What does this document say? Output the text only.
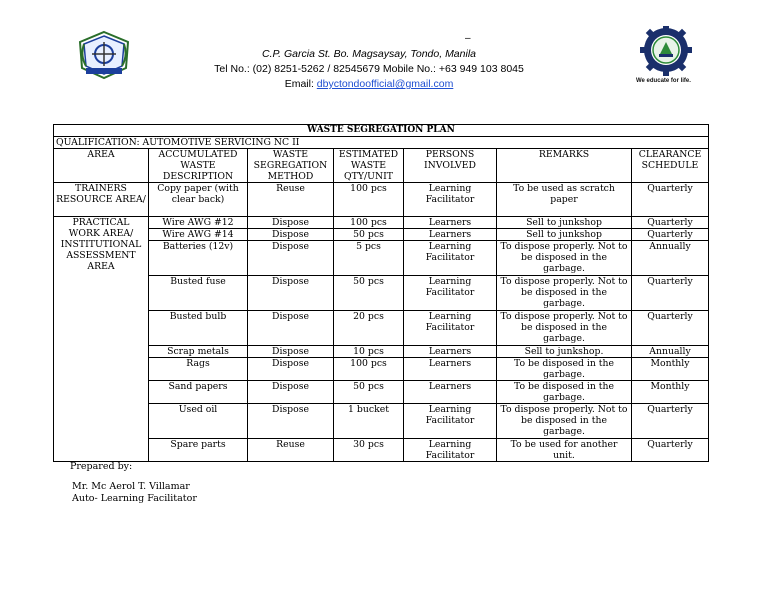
–
C.P. Garcia St. Bo. Magsaysay, Tondo, Manila
Tel No.: (02) 8251-5262 / 82545679 Mobile No.: +63 949 103 8045
Email: dbyctondoofficial@gmail.com	We educate for life.
WASTE SEGREGATION PLAN						
QUALIFICATION: AUTOMOTIVE SERVICING NC II						
AREA	ACCUMULATED WASTE DESCRIPTION	WASTE SEGREGATION METHOD	ESTIMATED WASTE QTY/UNIT	PERSONS INVOLVED	REMARKS	CLEARANCE SCHEDULE
TRAINERS RESOURCE AREA/	Copy paper (with clear back)	Reuse	100 pcs	Learning Facilitator	To be used as scratch paper	Quarterly
PRACTICAL WORK AREA/ INSTITUTIONAL ASSESSMENT AREA	Wire AWG #12	Dispose	100 pcs	Learners	Sell to junkshop	Quarterly
	Wire AWG #14	Dispose	50 pcs	Learners	Sell to junkshop	Quarterly
	Batteries (12v)	Dispose	5 pcs	Learning Facilitator	To dispose properly. Not to be disposed in the garbage.	Annually
	Busted fuse	Dispose	50 pcs	Learning Facilitator	To dispose properly. Not to be disposed in the garbage.	Quarterly
	Busted bulb	Dispose	20 pcs	Learning Facilitator	To dispose properly. Not to be disposed in the garbage.	Quarterly
	Scrap metals	Dispose	10 pcs	Learners	Sell to junkshop.	Annually
	Rags	Dispose	100 pcs	Learners	To be disposed in the garbage.	Monthly
	Sand papers	Dispose	50 pcs	Learners	To be disposed in the garbage.	Monthly
	Used oil	Dispose	1 bucket	Learning Facilitator	To dispose properly. Not to be disposed in the garbage.	Quarterly
	Spare parts	Reuse	30 pcs	Learning Facilitator	To be used for another unit.	Quarterly
Prepared by:
Mr. Mc Aerol T. Villamar
Auto- Learning Facilitator
